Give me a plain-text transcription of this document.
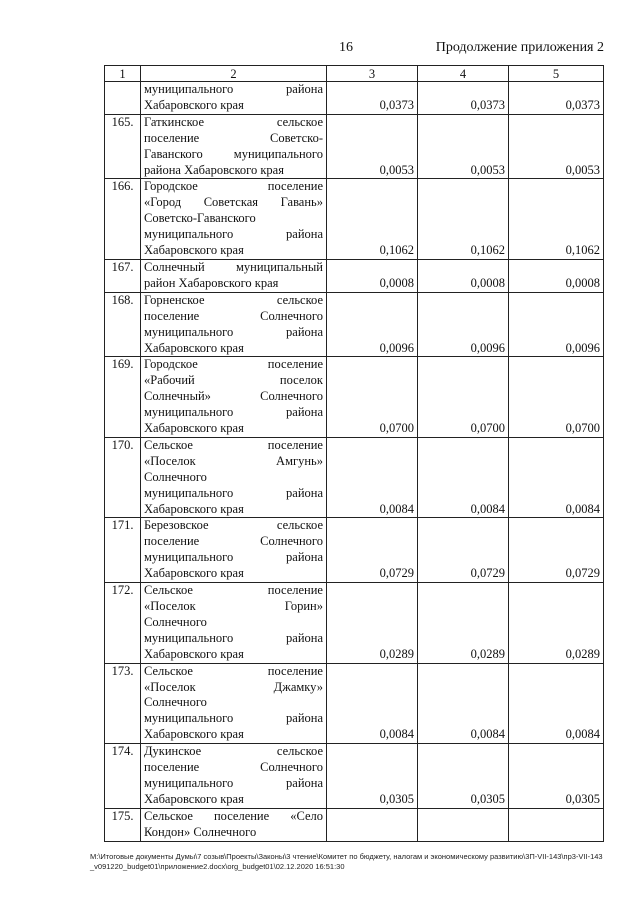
16	Продолжение приложения 2
1	2	3	4	5

	муниципального района
Хабаровского края	0,0373	0,0373	0,0373
165.	Гаткинское сельское
поселение Советско-
Гаванского муниципального
района Хабаровского края	0,0053	0,0053	0,0053
166.	Городское поселение
«Город Советская Гавань»
Советско-Гаванского
муниципального района
Хабаровского края	0,1062	0,1062	0,1062
167.	Солнечный муниципальный
район Хабаровского края	0,0008	0,0008	0,0008
168.	Горненское сельское
поселение Солнечного
муниципального района
Хабаровского края	0,0096	0,0096	0,0096
169.	Городское поселение
«Рабочий поселок
Солнечный» Солнечного
муниципального района
Хабаровского края	0,0700	0,0700	0,0700
170.	Сельское поселение
«Поселок Амгунь»
Солнечного
муниципального района
Хабаровского края	0,0084	0,0084	0,0084
171.	Березовское сельское
поселение Солнечного
муниципального района
Хабаровского края	0,0729	0,0729	0,0729
172.	Сельское поселение
«Поселок Горин»
Солнечного
муниципального района
Хабаровского края	0,0289	0,0289	0,0289
173.	Сельское поселение
«Поселок Джамку»
Солнечного
муниципального района
Хабаровского края	0,0084	0,0084	0,0084
174.	Дукинское сельское
поселение Солнечного
муниципального района
Хабаровского края	0,0305	0,0305	0,0305
175.	Сельское поселение «Село
Кондон» Солнечного			

М:\Итоговые документы Думы\7 созыв\Проекты\Законы\3 чтение\Комитет по бюджету, налогам и экономическому развитию\3П-VII-143\пр3-VII-143_v091220_budget01\приложение2.docx\org_budget01\02.12.2020 16:51:30
